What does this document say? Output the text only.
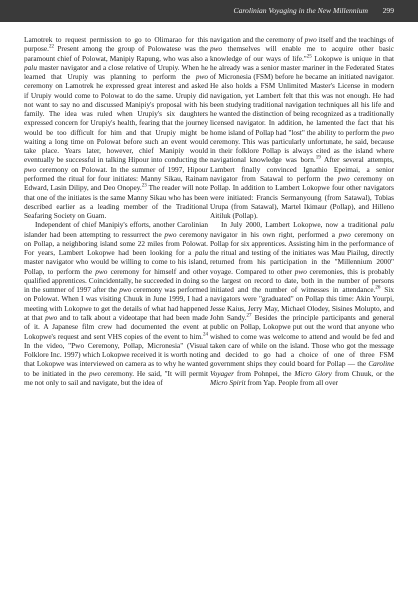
Carolinian Voyaging in the New Millennium 299

Lamotrek to request permission to go to Olimarao for this purpose.$^{22}$ Present among the group of Polowatese was the paramount chief of Polowat, Manipiy Rapung, who was also a palu master navigator and a close relative of Urupiy. When he learned that Urupiy was planning to perform the pwo ceremony on Lamotrek he expressed great interest and asked if Urupiy would come to Polowat to do the same. Urupiy did not want to say no and discussed Manipiy's proposal with his family. The idea was ruled when Urupiy's six daughters expressed concern for Urupiy's health, fearing that the journey would be too difficult for him and that Urupiy might be waiting a long time on Polowat before such an event would take place. Years later, however, chief Manipiy would eventually be successful in talking Hipour into conducting the pwo ceremony on Polowat. In the summer of 1997, Hipour performed the ritual for four initiates: Manny Sikau, Rainam Edward, Lasin Dilipy, and Deo Onopey.$^{23}$ The reader will note that one of the initiates is the same Manny Sikau who has been described earlier as a leading member of the Traditional Seafaring Society on Guam.

Independent of chief Manipiy's efforts, another Carolinian islander had been attempting to ressurrect the pwo ceremony on Pollap, a neighboring island some 22 miles from Polowat. For years, Lambert Lokopwe had been looking for a palu master navigator who would be willing to come to his island, Pollap, to perform the pwo ceremony for himself and other qualified apprentices. Coincidentally, he succeeded in doing so in the summer of 1997 after the pwo ceremony was performed on Polowat. When I was visiting Chuuk in June 1999, I had a meeting with Lokopwe to get the details of what had happened at that pwo and to talk about a videotape that had been made of it. A Japanese film crew had documented the event at Lokopwe's request and sent VHS copies of the event to him.$^{24}$ In the video, "Pwo Ceremony, Pollap, Micronesia" (Visual Folklore Inc. 1997) which Lokopwe received it is worth noting that Lokopwe was interviewed on camera as to why he wanted to be initiated in the pwo ceremony. He said, "It will permit me not only to sail and navigate, but the idea of

navigation and the ceremony of pwo itself and the teachings of pwo themselves will enable me to acquire other basic knowledge of our ways of life."$^{25}$ Lokopwe is unique in that he already was a senior master mariner in the Federated States of Micronesia (FSM) before he became an initiated navigator. He also holds a FSM Unlimited Master's License in modern navigation, yet Lambert felt that this was not enough. He had been studying traditional navigation techniques all his life and he wanted the distinction of being recognized as a traditionally licensed navigator. In addition, he lamented the fact that his home island of Pollap had "lost" the ability to perform the pwo ceremony. This was particularly unfortunate, he said, because in their folklore Pollap is always cited as the island where navigational knowledge was born.$^{19}$ After several attempts, Lambert finally convinced Ignathio Epeimai, a senior navigator from Satawal to perform the pwo ceremony on Pollap. In addition to Lambert Lokopwe four other navigators were initiated: Francis Sermanyoung (from Satawal), Tobias Urupa (from Satawal), Martel Ikimaur (Pollap), and Hilleno Aitiluk (Pollap).

In July 2000, Lambert Lokopwe, now a traditional palu navigator in his own right, performed a pwo ceremony on Pollap for six apprentices. Assisting him in the performance of the ritual and testing of the initiates was Mau Piailug, directly returned from his participation in the "Millennium 2000" voyage. Compared to other pwo ceremonies, this is probably the largest on record to date, both in the number of persons initiated and the number of witnesses in attendance.$^{26}$ Six navigators were "graduated" on Pollap this time: Akin Yourpi, Jesse Kaius, Jerry May, Michael Olodey, Sisines Molupto, and John Sandy.$^{27}$ Besides the principle participants and general public on Pollap, Lokopwe put out the word that anyone who wished to come was welcome to attend and would be fed and taken care of while on the island. Those who got the message and decided to go had a choice of one of three FSM government ships they could board for Pollap — the Caroline Voyager from Pohnpei, the Micro Glory from Chuuk, or the Micro Spirit from Yap. People from all over
